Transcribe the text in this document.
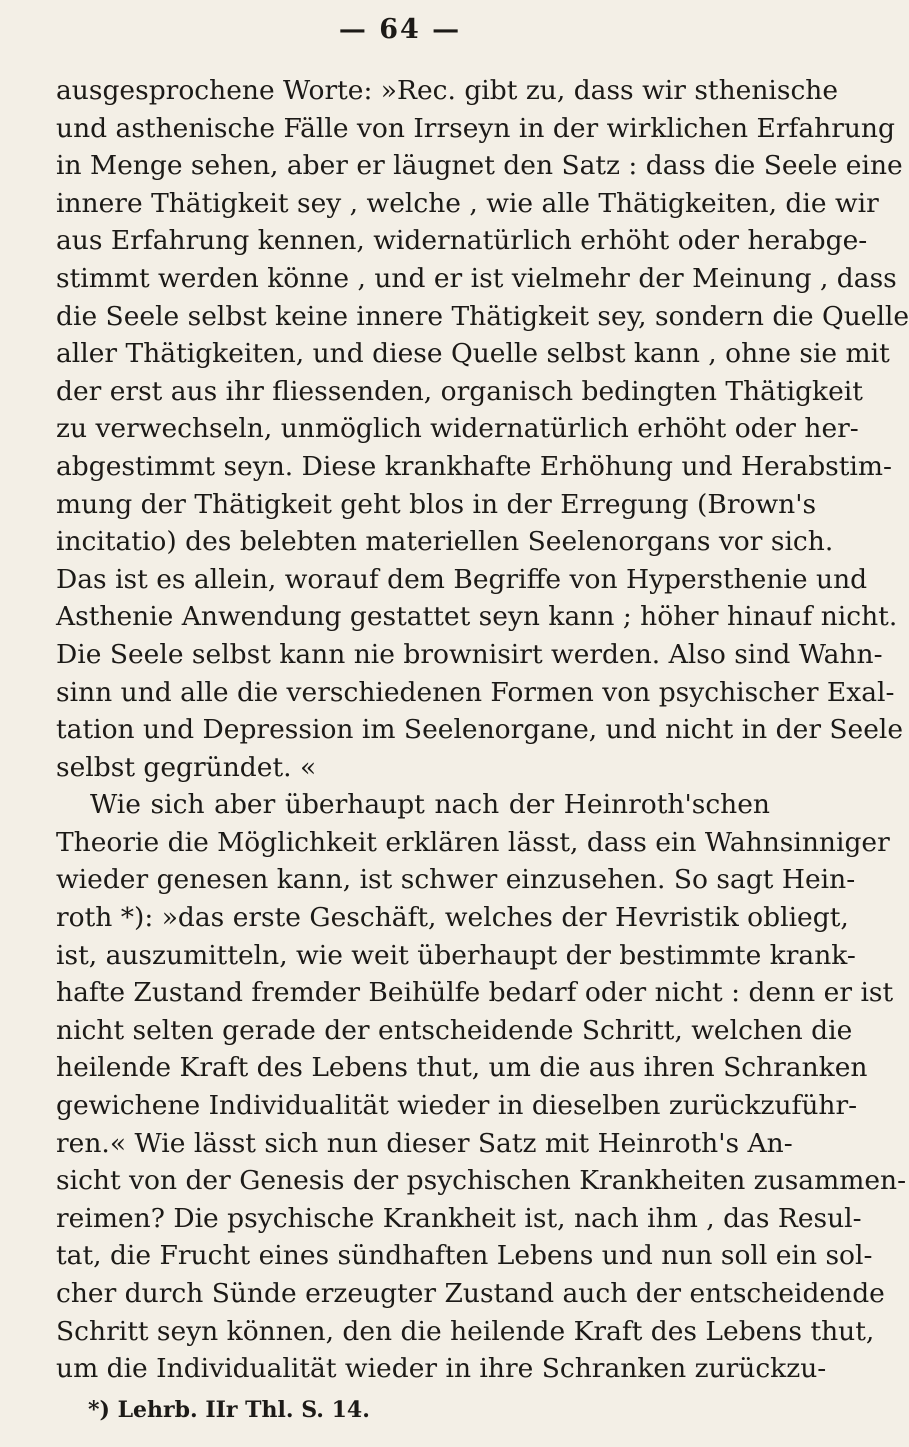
— 64 —
ausgesprochene Worte: »Rec. gibt zu, dass wir sthenische
und asthenische Fälle von Irrseyn in der wirklichen Erfahrung
in Menge sehen, aber er läugnet den Satz : dass die Seele eine
innere Thätigkeit sey , welche , wie alle Thätigkeiten, die wir
aus Erfahrung kennen, widernatürlich erhöht oder herabge-
stimmt werden könne , und er ist vielmehr der Meinung , dass
die Seele selbst keine innere Thätigkeit sey, sondern die Quelle
aller Thätigkeiten, und diese Quelle selbst kann , ohne sie mit
der erst aus ihr fliessenden, organisch bedingten Thätigkeit
zu verwechseln, unmöglich widernatürlich erhöht oder her-
abgestimmt seyn. Diese krankhafte Erhöhung und Herabstim-
mung der Thätigkeit geht blos in der Erregung (Brown's
incitatio) des belebten materiellen Seelenorgans vor sich.
Das ist es allein, worauf dem Begriffe von Hypersthenie und
Asthenie Anwendung gestattet seyn kann ; höher hinauf nicht.
Die Seele selbst kann nie brownisirt werden. Also sind Wahn-
sinn und alle die verschiedenen Formen von psychischer Exal-
tation und Depression im Seelenorgane, und nicht in der Seele
selbst gegründet. «
Wie sich aber überhaupt nach der Heinroth'schen
Theorie die Möglichkeit erklären lässt, dass ein Wahnsinniger
wieder genesen kann, ist schwer einzusehen. So sagt Hein-
roth *): »das erste Geschäft, welches der Hevristik obliegt,
ist, auszumitteln, wie weit überhaupt der bestimmte krank-
hafte Zustand fremder Beihülfe bedarf oder nicht : denn er ist
nicht selten gerade der entscheidende Schritt, welchen die
heilende Kraft des Lebens thut, um die aus ihren Schranken
gewichene Individualität wieder in dieselben zurückzuführ-
ren.« Wie lässt sich nun dieser Satz mit Heinroth's An-
sicht von der Genesis der psychischen Krankheiten zusammen-
reimen? Die psychische Krankheit ist, nach ihm , das Resul-
tat, die Frucht eines sündhaften Lebens und nun soll ein sol-
cher durch Sünde erzeugter Zustand auch der entscheidende
Schritt seyn können, den die heilende Kraft des Lebens thut,
um die Individualität wieder in ihre Schranken zurückzu-
*) Lehrb. IIr Thl. S. 14.
